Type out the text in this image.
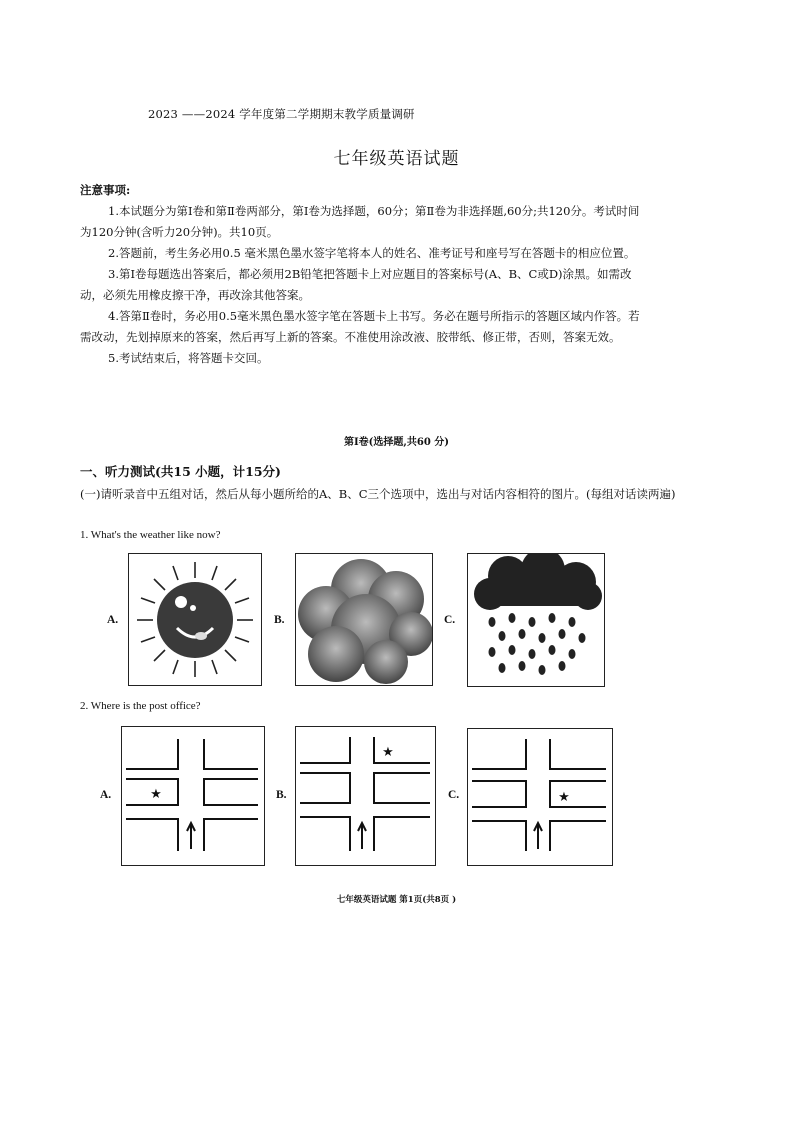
2023 ——2024 学年度第二学期期末教学质量调研
七年级英语试题
注意事项:

1.本试题分为第Ⅰ卷和第Ⅱ卷两部分，第Ⅰ卷为选择题，60分；第Ⅱ卷为非选择题,60分;共120分。考试时间为120分钟(含听力20分钟)。共10页。

2.答题前，考生务必用0.5 毫米黑色墨水签字笔将本人的姓名、准考证号和座号写在答题卡的相应位置。

3.第Ⅰ卷每题选出答案后，都必须用2B铅笔把答题卡上对应题目的答案标号(A、B、C或D)涂黑。如需改动，必须先用橡皮擦干净，再改涂其他答案。

4.答第Ⅱ卷时，务必用0.5毫米黑色墨水签字笔在答题卡上书写。务必在题号所指示的答题区域内作答。若需改动，先划掉原来的答案，然后再写上新的答案。不准使用涂改液、胶带纸、修正带，否则，答案无效。

5.考试结束后，将答题卡交回。

第Ⅰ卷(选择题,共60 分)
一、听力测试(共15 小题，计15分)
(一)请听录音中五组对话，然后从每小题所给的A、B、C三个选项中，选出与对话内容相符的图片。(每组对话读两遍)
1. What's the weather like now?
A.	B.	C.
2. Where is the post office?
A.	★	B.
★
C.	★
七年级英语试题 第1页(共8页 )
